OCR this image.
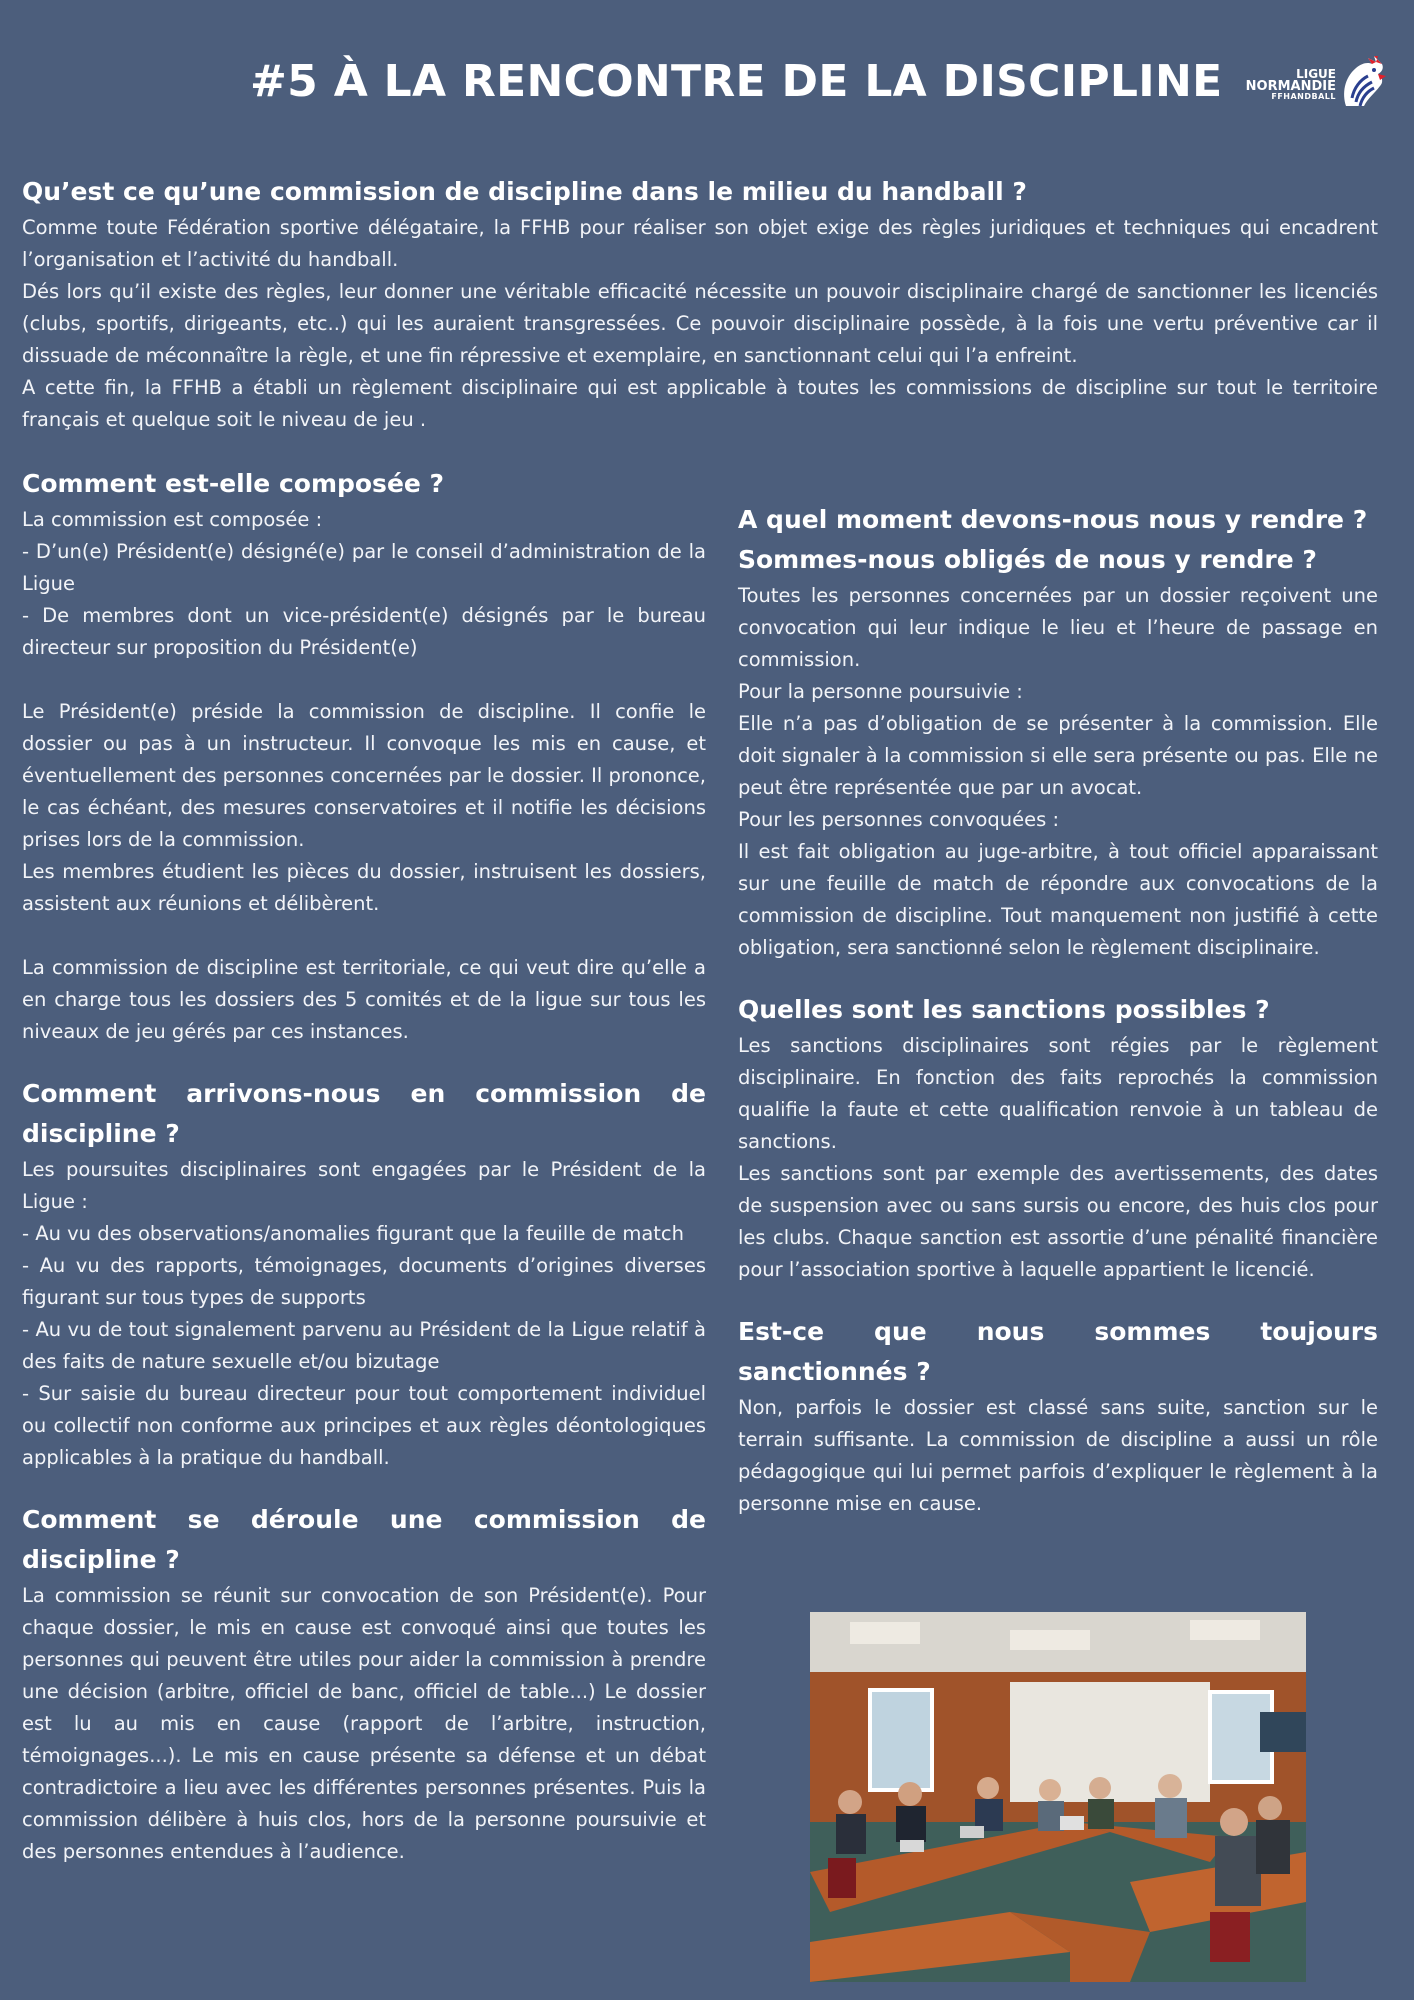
#5 À LA RENCONTRE DE LA DISCIPLINE	LIGUE
NORMANDIE
FFHANDBALL

Qu’est ce qu’une commission de discipline dans le milieu du handball ?

Comme toute Fédération sportive délégataire, la FFHB pour réaliser son objet exige des règles juridiques et techniques qui encadrent l’organisation et l’activité du handball.

Dés lors qu’il existe des règles, leur donner une véritable efficacité nécessite un pouvoir disciplinaire chargé de sanctionner les licenciés (clubs, sportifs, dirigeants, etc..) qui les auraient transgressées. Ce pouvoir disciplinaire possède, à la fois une vertu préventive car il dissuade de méconnaître la règle, et une fin répressive et exemplaire, en sanctionnant celui qui l’a enfreint.

A cette fin, la FFHB a établi un règlement disciplinaire qui est applicable à toutes les commissions de discipline sur tout le territoire français et quelque soit le niveau de jeu .

Comment est-elle composée ?

La commission est composée :

- D’un(e) Président(e) désigné(e) par le conseil d’administration de la Ligue

- De membres dont un vice-président(e) désignés par le bureau directeur sur proposition du Président(e)

Le Président(e) préside la commission de discipline. Il confie le dossier ou pas à un instructeur. Il convoque les mis en cause, et éventuellement des personnes concernées par le dossier. Il prononce, le cas échéant, des mesures conservatoires et il notifie les décisions prises lors de la commission.

Les membres étudient les pièces du dossier, instruisent les dossiers, assistent aux réunions et délibèrent.

La commission de discipline est territoriale, ce qui veut dire qu’elle a en charge tous les dossiers des 5 comités et de la ligue sur tous les niveaux de jeu gérés par ces instances.

Comment arrivons-nous en commission de discipline ?

Les poursuites disciplinaires sont engagées par le Président de la Ligue :

- Au vu des observations/anomalies figurant que la feuille de match

- Au vu des rapports, témoignages, documents d’origines diverses figurant sur tous types de supports

- Au vu de tout signalement parvenu au Président de la Ligue relatif à des faits de nature sexuelle et/ou bizutage

- Sur saisie du bureau directeur pour tout comportement individuel ou collectif non conforme aux principes et aux règles déontologiques applicables à la pratique du handball.

Comment se déroule une commission de discipline ?

La commission se réunit sur convocation de son Président(e). Pour chaque dossier, le mis en cause est convoqué ainsi que toutes les personnes qui peuvent être utiles pour aider la commission à prendre une décision (arbitre, officiel de banc, officiel de table...) Le dossier est lu au mis en cause (rapport de l’arbitre, instruction, témoignages...). Le mis en cause présente sa défense et un débat contradictoire a lieu avec les différentes personnes présentes. Puis la commission délibère à huis clos, hors de la personne poursuivie et des personnes entendues à l’audience.

A quel moment devons-nous nous y rendre ?

Sommes-nous obligés de nous y rendre ?

Toutes les personnes concernées par un dossier reçoivent une convocation qui leur indique le lieu et l’heure de passage en commission.

Pour la personne poursuivie :

Elle n’a pas d’obligation de se présenter à la commission. Elle doit signaler à la commission si elle sera présente ou pas. Elle ne peut être représentée que par un avocat.

Pour les personnes convoquées :

Il est fait obligation au juge-arbitre, à tout officiel apparaissant sur une feuille de match de répondre aux convocations de la commission de discipline. Tout manquement non justifié à cette obligation, sera sanctionné selon le règlement disciplinaire.

Quelles sont les sanctions possibles ?

Les sanctions disciplinaires sont régies par le règlement disciplinaire. En fonction des faits reprochés la commission qualifie la faute et cette qualification renvoie à un tableau de sanctions.

Les sanctions sont par exemple des avertissements, des dates de suspension avec ou sans sursis ou encore, des huis clos pour les clubs. Chaque sanction est assortie d’une pénalité financière pour l’association sportive à laquelle appartient le licencié.

Est-ce que nous sommes toujours sanctionnés ?

Non, parfois le dossier est classé sans suite, sanction sur le terrain suffisante. La commission de discipline a aussi un rôle pédagogique qui lui permet parfois d’expliquer le règlement à la personne mise en cause.
